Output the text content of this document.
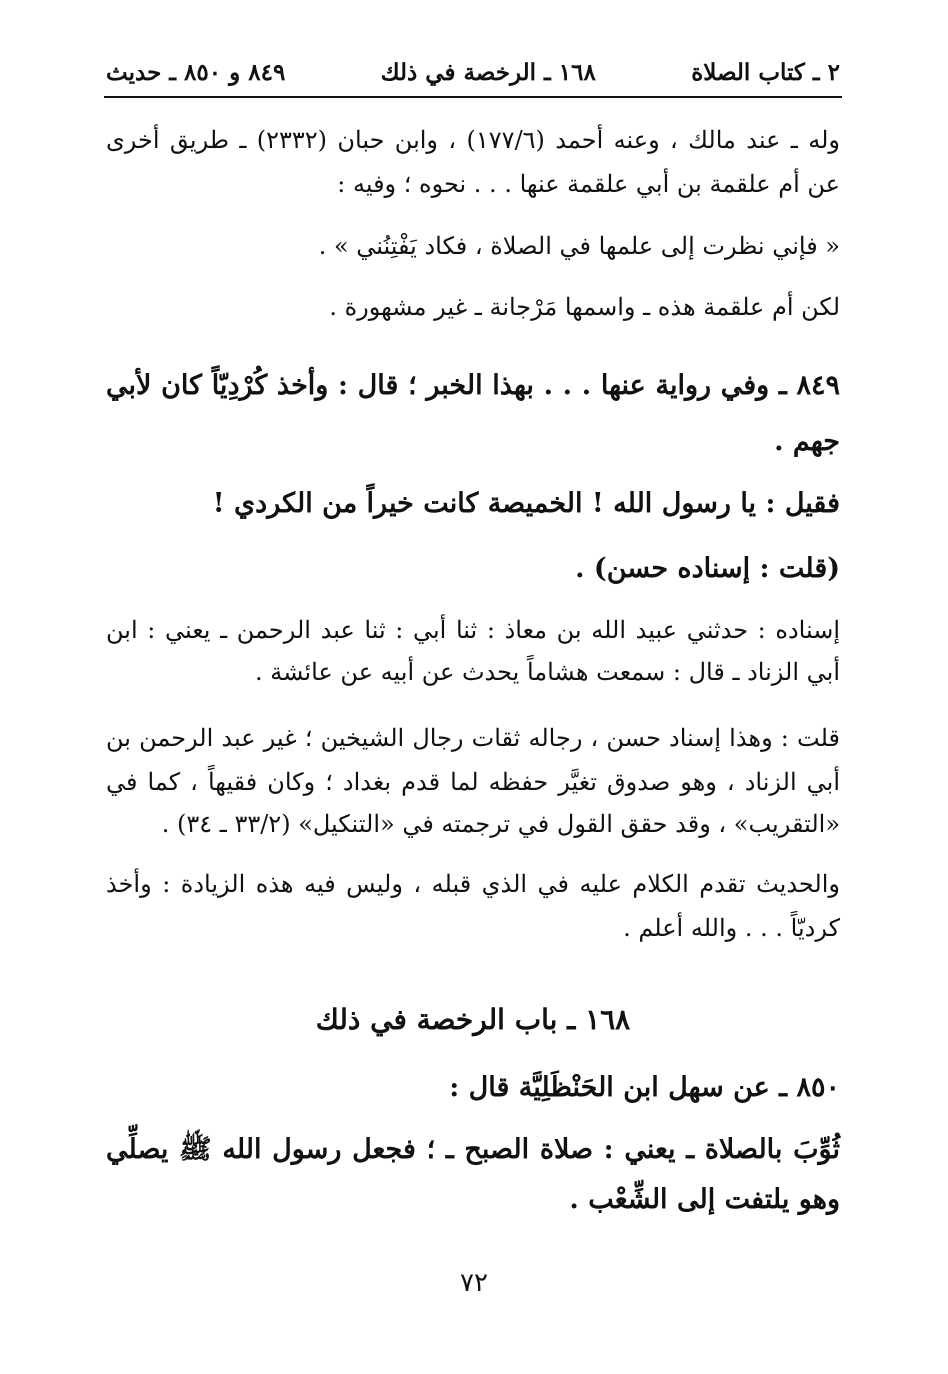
٢ ـ كتاب الصلاة
١٦٨ ـ الرخصة في ذلك
٨٤٩ و ٨٥٠ ـ حديث
وله ـ عند مالك ، وعنه أحمد (١٧٧/٦) ، وابن حبان (٢٣٣٢) ـ طريق أخرى
عن أم علقمة بن أبي علقمة عنها . . . نحوه ؛ وفيه :
« فإني نظرت إلى علمها في الصلاة ، فكاد يَفْتِنُني » .
لكن أم علقمة هذه ـ واسمها مَرْجانة ـ غير مشهورة .
٨٤٩ ـ وفي رواية عنها . . . بهذا الخبر ؛ قال : وأخذ كُرْدِيّاً كان لأبي
جهم .
فقيل : يا رسول الله ! الخميصة كانت خيراً من الكردي !
(قلت : إسناده حسن) .
إسناده : حدثني عبيد الله بن معاذ : ثنا أبي : ثنا عبد الرحمن ـ يعني : ابن
أبي الزناد ـ قال : سمعت هشاماً يحدث عن أبيه عن عائشة .
قلت : وهذا إسناد حسن ، رجاله ثقات رجال الشيخين ؛ غير عبد الرحمن بن
أبي الزناد ، وهو صدوق تغيَّر حفظه لما قدم بغداد ؛ وكان فقيهاً ، كما في
«التقريب» ، وقد حقق القول في ترجمته في «التنكيل» (٣٣/٢ ـ ٣٤) .
والحديث تقدم الكلام عليه في الذي قبله ، وليس فيه هذه الزيادة : وأخذ
كرديّاً . . . والله أعلم .
١٦٨ ـ باب الرخصة في ذلك
٨٥٠ ـ عن سهل ابن الحَنْظَلِيَّة قال :
ثُوِّبَ بالصلاة ـ يعني : صلاة الصبح ـ ؛ فجعل رسول الله ﷺ يصلِّي
وهو يلتفت إلى الشِّعْب .
٧٢
